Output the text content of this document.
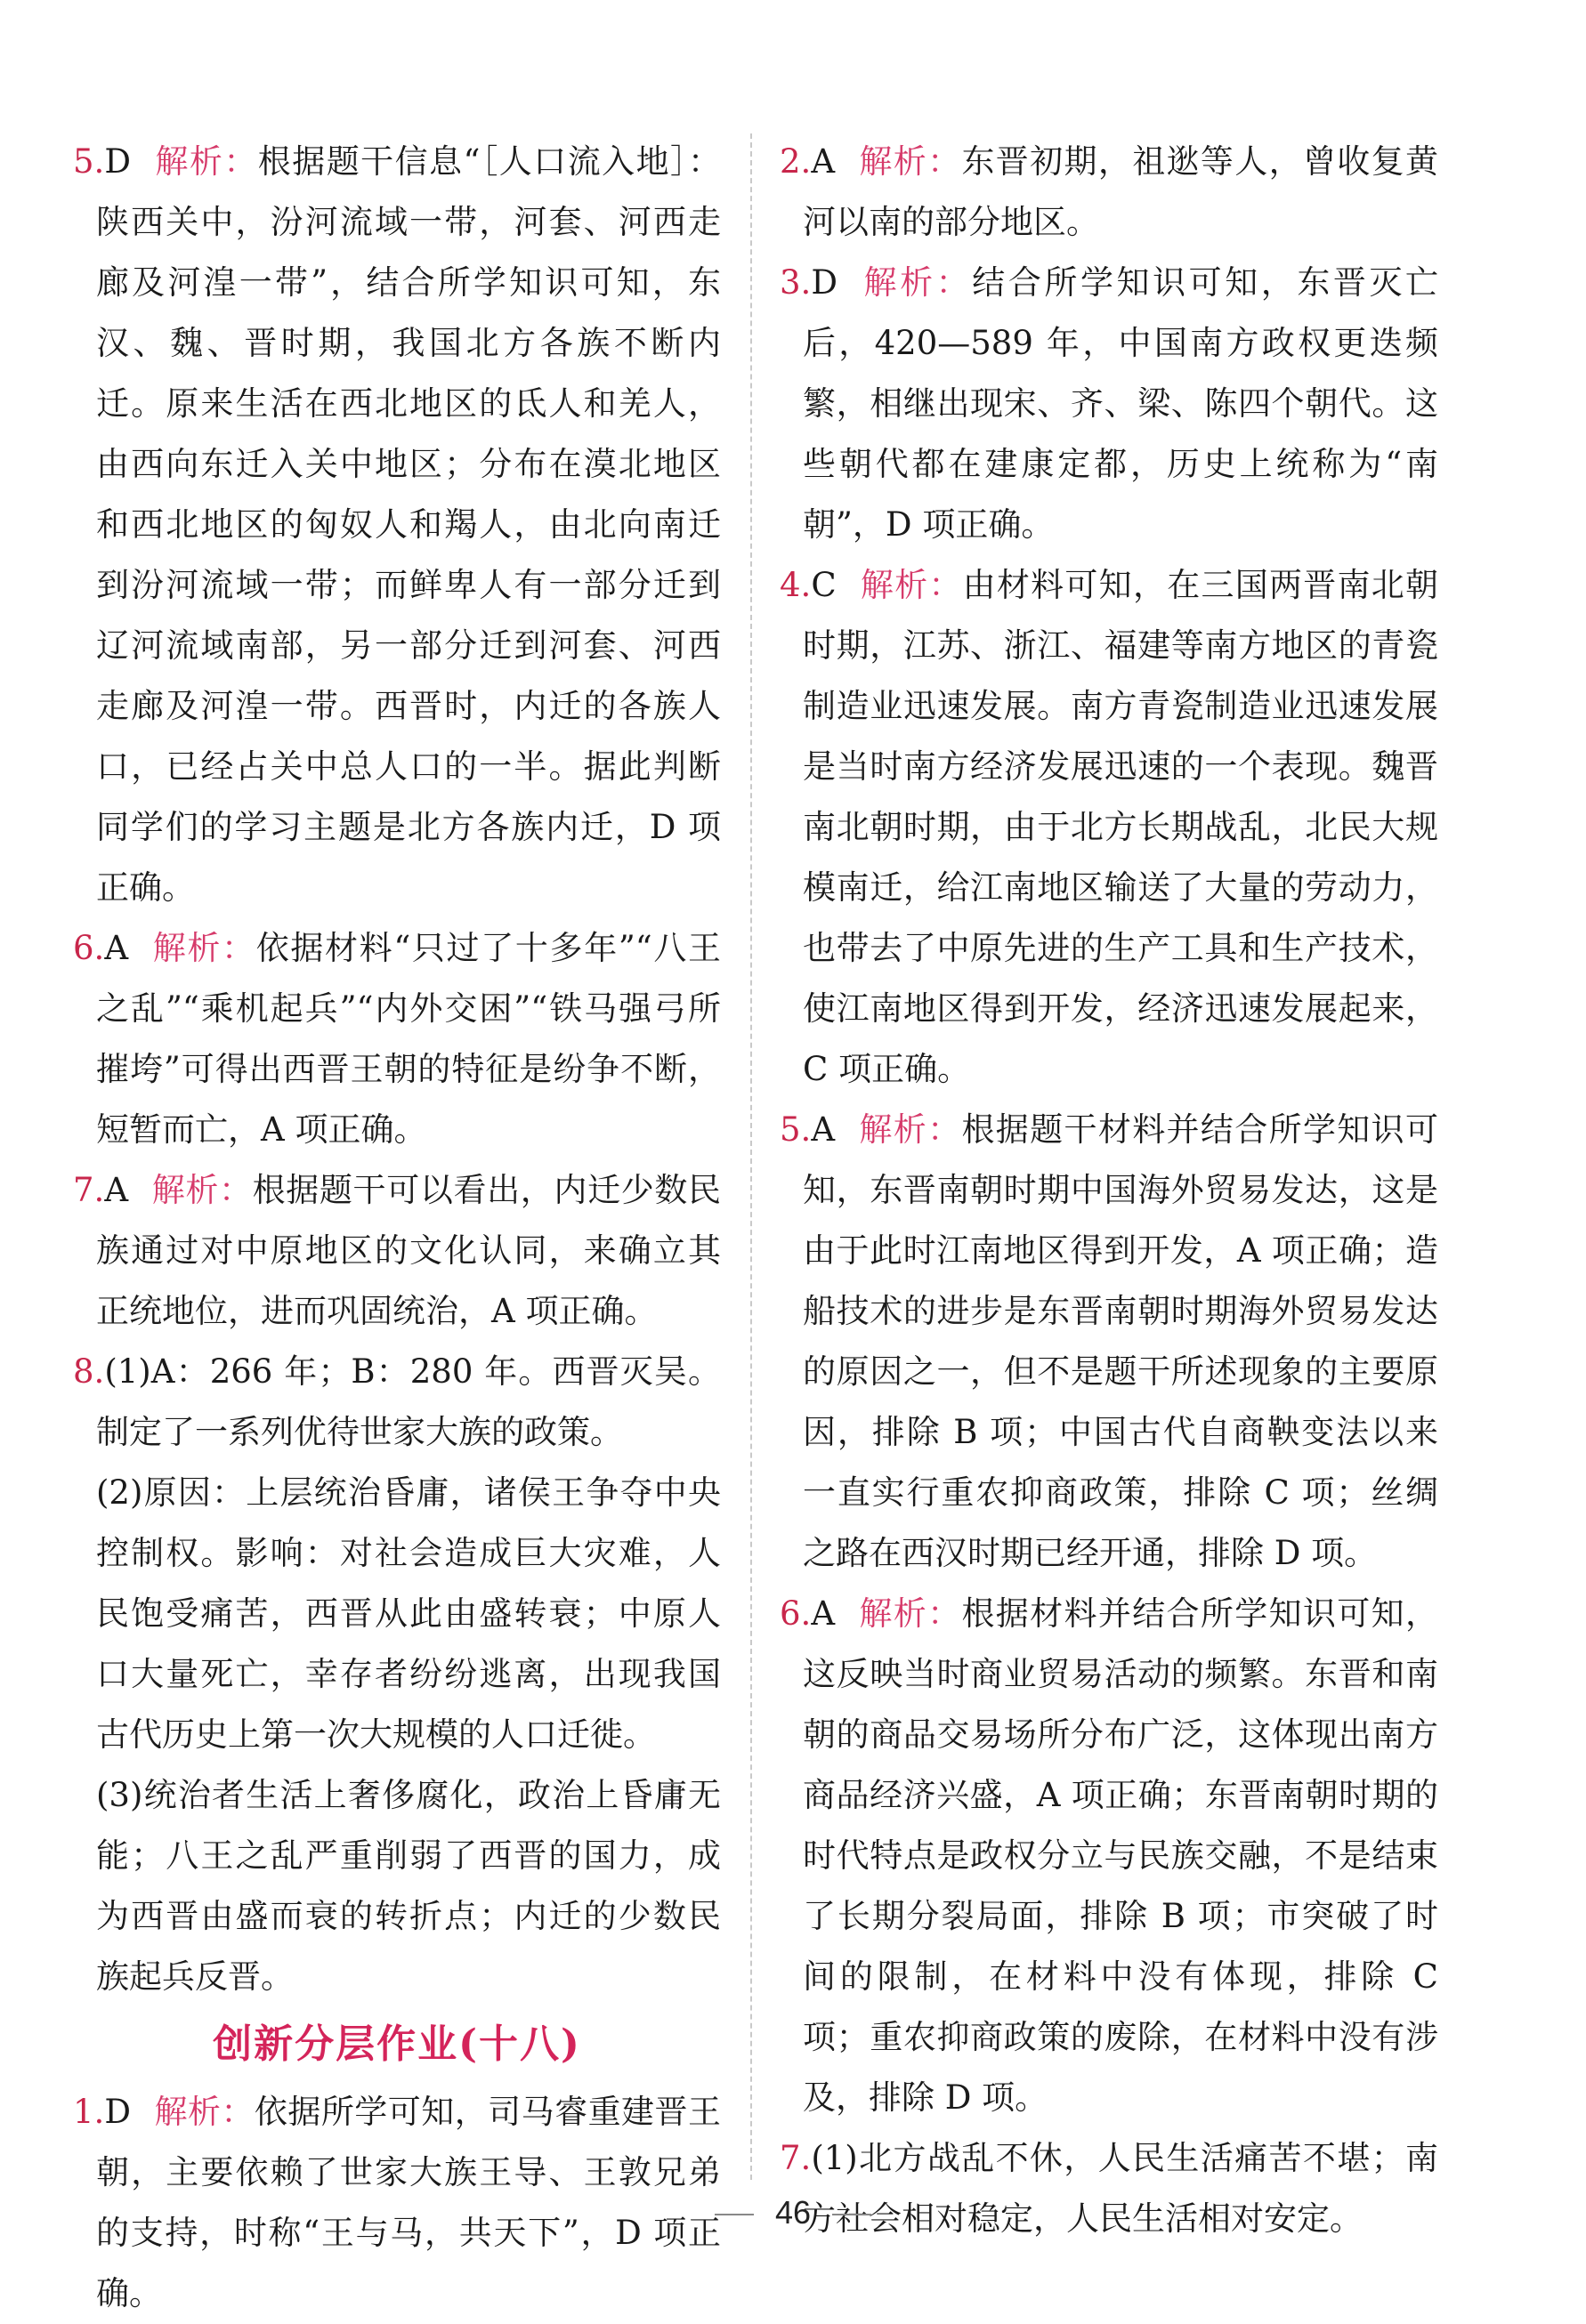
5.D 解析：根据题干信息“［人口流入地］：陕西关中，汾河流域一带，河套、河西走廊及河湟一带”，结合所学知识可知，东汉、魏、晋时期，我国北方各族不断内迁。原来生活在西北地区的氐人和羌人，由西向东迁入关中地区；分布在漠北地区和西北地区的匈奴人和羯人，由北向南迁到汾河流域一带；而鲜卑人有一部分迁到辽河流域南部，另一部分迁到河套、河西走廊及河湟一带。西晋时，内迁的各族人口，已经占关中总人口的一半。据此判断同学们的学习主题是北方各族内迁，D 项正确。
6.A 解析：依据材料“只过了十多年”“八王之乱”“乘机起兵”“内外交困”“铁马强弓所摧垮”可得出西晋王朝的特征是纷争不断，短暂而亡，A 项正确。
7.A 解析：根据题干可以看出，内迁少数民族通过对中原地区的文化认同，来确立其正统地位，进而巩固统治，A 项正确。
8.(1)A：266 年；B：280 年。西晋灭吴。制定了一系列优待世家大族的政策。
(2)原因：上层统治昏庸，诸侯王争夺中央控制权。影响：对社会造成巨大灾难，人民饱受痛苦，西晋从此由盛转衰；中原人口大量死亡，幸存者纷纷逃离，出现我国古代历史上第一次大规模的人口迁徙。
(3)统治者生活上奢侈腐化，政治上昏庸无能；八王之乱严重削弱了西晋的国力，成为西晋由盛而衰的转折点；内迁的少数民族起兵反晋。
创新分层作业(十八)
1.D 解析：依据所学可知，司马睿重建晋王朝，主要依赖了世家大族王导、王敦兄弟的支持，时称“王与马，共天下”，D 项正确。
2.A 解析：东晋初期，祖逖等人，曾收复黄河以南的部分地区。
3.D 解析：结合所学知识可知，东晋灭亡后，420—589 年，中国南方政权更迭频繁，相继出现宋、齐、梁、陈四个朝代。这些朝代都在建康定都，历史上统称为“南朝”，D 项正确。
4.C 解析：由材料可知，在三国两晋南北朝时期，江苏、浙江、福建等南方地区的青瓷制造业迅速发展。南方青瓷制造业迅速发展是当时南方经济发展迅速的一个表现。魏晋南北朝时期，由于北方长期战乱，北民大规模南迁，给江南地区输送了大量的劳动力，也带去了中原先进的生产工具和生产技术，使江南地区得到开发，经济迅速发展起来，C 项正确。
5.A 解析：根据题干材料并结合所学知识可知，东晋南朝时期中国海外贸易发达，这是由于此时江南地区得到开发，A 项正确；造船技术的进步是东晋南朝时期海外贸易发达的原因之一，但不是题干所述现象的主要原因，排除 B 项；中国古代自商鞅变法以来一直实行重农抑商政策，排除 C 项；丝绸之路在西汉时期已经开通，排除 D 项。
6.A 解析：根据材料并结合所学知识可知，这反映当时商业贸易活动的频繁。东晋和南朝的商品交易场所分布广泛，这体现出南方商品经济兴盛，A 项正确；东晋南朝时期的时代特点是政权分立与民族交融，不是结束了长期分裂局面，排除 B 项；市突破了时间的限制，在材料中没有体现，排除 C 项；重农抑商政策的废除，在材料中没有涉及，排除 D 项。
7.(1)北方战乱不休，人民生活痛苦不堪；南方社会相对稳定，人民生活相对安定。
46
